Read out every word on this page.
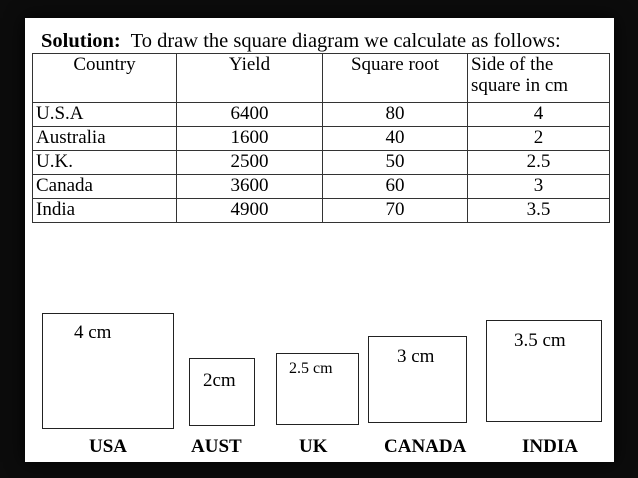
Solution: To draw the square diagram we calculate as follows:
Country	Yield	Square root	Side of the
square in cm

U.S.A	6400	80	4
Australia	1600	40	2
U.K.	2500	50	2.5
Canada	3600	60	3
India	4900	70	3.5
4 cm
2cm
2.5 cm
3 cm
3.5 cm
USA	AUST	UK	CANADA	INDIA
